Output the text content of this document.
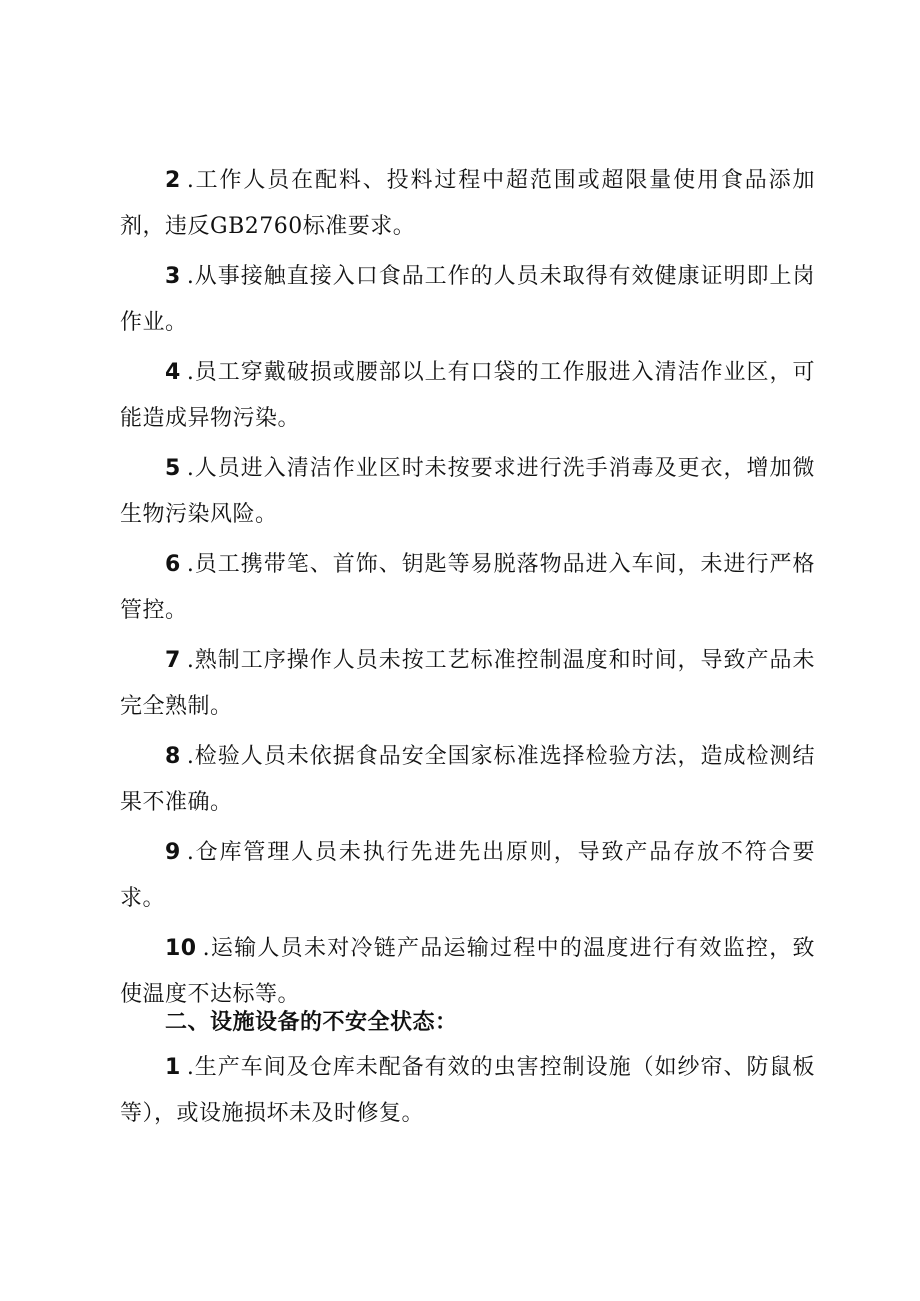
2 .工作人员在配料、投料过程中超范围或超限量使用食品添加剂，违反GB2760标准要求。

3 .从事接触直接入口食品工作的人员未取得有效健康证明即上岗作业。

4 .员工穿戴破损或腰部以上有口袋的工作服进入清洁作业区，可能造成异物污染。

5 .人员进入清洁作业区时未按要求进行洗手消毒及更衣，增加微生物污染风险。

6 .员工携带笔、首饰、钥匙等易脱落物品进入车间，未进行严格管控。

7 .熟制工序操作人员未按工艺标准控制温度和时间，导致产品未完全熟制。

8 .检验人员未依据食品安全国家标准选择检验方法，造成检测结果不准确。

9 .仓库管理人员未执行先进先出原则，导致产品存放不符合要求。

10 .运输人员未对冷链产品运输过程中的温度进行有效监控，致使温度不达标等。

二、设施设备的不安全状态：

1 .生产车间及仓库未配备有效的虫害控制设施（如纱帘、防鼠板等），或设施损坏未及时修复。
